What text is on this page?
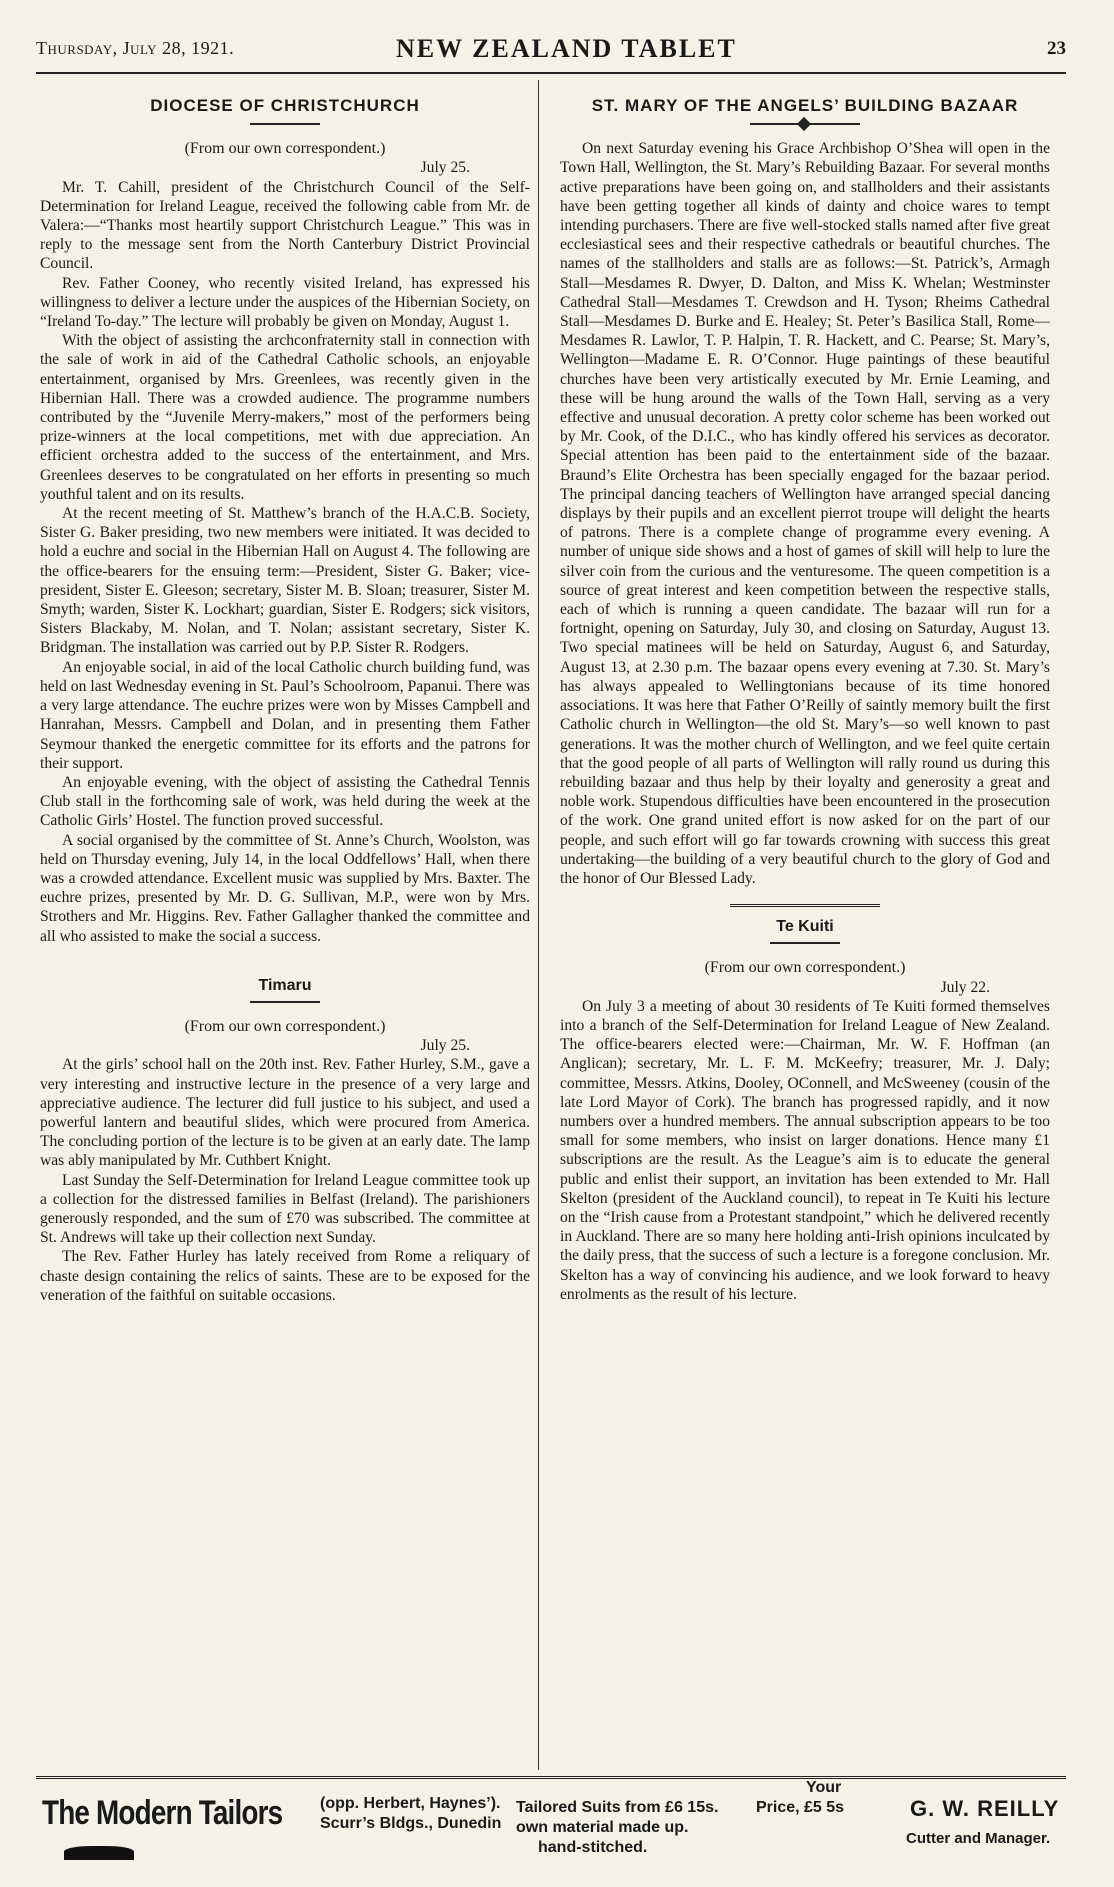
Thursday, July 28, 1921.	NEW ZEALAND TABLET	23
DIOCESE OF CHRISTCHURCH

(From our own correspondent.)

July 25.

Mr. T. Cahill, president of the Christchurch Council of the Self-Determination for Ireland League, received the following cable from Mr. de Valera:—“Thanks most heartily support Christchurch League.” This was in reply to the message sent from the North Canterbury District Provincial Council.

Rev. Father Cooney, who recently visited Ireland, has expressed his willingness to deliver a lecture under the auspices of the Hibernian Society, on “Ireland To-day.” The lecture will probably be given on Monday, August 1.

With the object of assisting the archconfraternity stall in connection with the sale of work in aid of the Cathedral Catholic schools, an enjoyable entertainment, organised by Mrs. Greenlees, was recently given in the Hibernian Hall. There was a crowded audience. The programme numbers contributed by the “Juvenile Merry-makers,” most of the performers being prize-winners at the local competitions, met with due appreciation. An efficient orchestra added to the success of the entertainment, and Mrs. Greenlees deserves to be congratulated on her efforts in presenting so much youthful talent and on its results.

At the recent meeting of St. Matthew’s branch of the H.A.C.B. Society, Sister G. Baker presiding, two new members were initiated. It was decided to hold a euchre and social in the Hibernian Hall on August 4. The following are the office-bearers for the ensuing term:—President, Sister G. Baker; vice-president, Sister E. Gleeson; secretary, Sister M. B. Sloan; treasurer, Sister M. Smyth; warden, Sister K. Lockhart; guardian, Sister E. Rodgers; sick visitors, Sisters Blackaby, M. Nolan, and T. Nolan; assistant secretary, Sister K. Bridgman. The installation was carried out by P.P. Sister R. Rodgers.

An enjoyable social, in aid of the local Catholic church building fund, was held on last Wednesday evening in St. Paul’s Schoolroom, Papanui. There was a very large attendance. The euchre prizes were won by Misses Campbell and Hanrahan, Messrs. Campbell and Dolan, and in presenting them Father Seymour thanked the energetic committee for its efforts and the patrons for their support.

An enjoyable evening, with the object of assisting the Cathedral Tennis Club stall in the forthcoming sale of work, was held during the week at the Catholic Girls’ Hostel. The function proved successful.

A social organised by the committee of St. Anne’s Church, Woolston, was held on Thursday evening, July 14, in the local Oddfellows’ Hall, when there was a crowded attendance. Excellent music was supplied by Mrs. Baxter. The euchre prizes, presented by Mr. D. G. Sullivan, M.P., were won by Mrs. Strothers and Mr. Higgins. Rev. Father Gallagher thanked the committee and all who assisted to make the social a success.

Timaru

(From our own correspondent.)

July 25.

At the girls’ school hall on the 20th inst. Rev. Father Hurley, S.M., gave a very interesting and instructive lecture in the presence of a very large and appreciative audience. The lecturer did full justice to his subject, and used a powerful lantern and beautiful slides, which were procured from America. The concluding portion of the lecture is to be given at an early date. The lamp was ably manipulated by Mr. Cuthbert Knight.

Last Sunday the Self-Determination for Ireland League committee took up a collection for the distressed families in Belfast (Ireland). The parishioners generously responded, and the sum of £70 was subscribed. The committee at St. Andrews will take up their collection next Sunday.

The Rev. Father Hurley has lately received from Rome a reliquary of chaste design containing the relics of saints. These are to be exposed for the veneration of the faithful on suitable occasions.

ST. MARY OF THE ANGELS’ BUILDING BAZAAR

On next Saturday evening his Grace Archbishop O’Shea will open in the Town Hall, Wellington, the St. Mary’s Rebuilding Bazaar. For several months active preparations have been going on, and stallholders and their assistants have been getting together all kinds of dainty and choice wares to tempt intending purchasers. There are five well-stocked stalls named after five great ecclesiastical sees and their respective cathedrals or beautiful churches. The names of the stallholders and stalls are as follows:—St. Patrick’s, Armagh Stall—Mesdames R. Dwyer, D. Dalton, and Miss K. Whelan; Westminster Cathedral Stall—Mesdames T. Crewdson and H. Tyson; Rheims Cathedral Stall—Mesdames D. Burke and E. Healey; St. Peter’s Basilica Stall, Rome—Mesdames R. Lawlor, T. P. Halpin, T. R. Hackett, and C. Pearse; St. Mary’s, Wellington—Madame E. R. O’Connor. Huge paintings of these beautiful churches have been very artistically executed by Mr. Ernie Leaming, and these will be hung around the walls of the Town Hall, serving as a very effective and unusual decoration. A pretty color scheme has been worked out by Mr. Cook, of the D.I.C., who has kindly offered his services as decorator. Special attention has been paid to the entertainment side of the bazaar. Braund’s Elite Orchestra has been specially engaged for the bazaar period. The principal dancing teachers of Wellington have arranged special dancing displays by their pupils and an excellent pierrot troupe will delight the hearts of patrons. There is a complete change of programme every evening. A number of unique side shows and a host of games of skill will help to lure the silver coin from the curious and the venturesome. The queen competition is a source of great interest and keen competition between the respective stalls, each of which is running a queen candidate. The bazaar will run for a fortnight, opening on Saturday, July 30, and closing on Saturday, August 13. Two special matinees will be held on Saturday, August 6, and Saturday, August 13, at 2.30 p.m. The bazaar opens every evening at 7.30. St. Mary’s has always appealed to Wellingtonians because of its time honored associations. It was here that Father O’Reilly of saintly memory built the first Catholic church in Wellington—the old St. Mary’s—so well known to past generations. It was the mother church of Wellington, and we feel quite certain that the good people of all parts of Wellington will rally round us during this rebuilding bazaar and thus help by their loyalty and generosity a great and noble work. Stupendous difficulties have been encountered in the prosecution of the work. One grand united effort is now asked for on the part of our people, and such effort will go far towards crowning with success this great undertaking—the building of a very beautiful church to the glory of God and the honor of Our Blessed Lady.

Te Kuiti

(From our own correspondent.)

July 22.

On July 3 a meeting of about 30 residents of Te Kuiti formed themselves into a branch of the Self-Determination for Ireland League of New Zealand. The office-bearers elected were:—Chairman, Mr. W. F. Hoffman (an Anglican); secretary, Mr. L. F. M. McKeefry; treasurer, Mr. J. Daly; committee, Messrs. Atkins, Dooley, OConnell, and McSweeney (cousin of the late Lord Mayor of Cork). The branch has progressed rapidly, and it now numbers over a hundred members. The annual subscription appears to be too small for some members, who insist on larger donations. Hence many £1 subscriptions are the result. As the League’s aim is to educate the general public and enlist their support, an invitation has been extended to Mr. Hall Skelton (president of the Auckland council), to repeat in Te Kuiti his lecture on the “Irish cause from a Protestant standpoint,” which he delivered recently in Auckland. There are so many here holding anti-Irish opinions inculcated by the daily press, that the success of such a lecture is a foregone conclusion. Mr. Skelton has a way of convincing his audience, and we look forward to heavy enrolments as the result of his lecture.

The Modern Tailors (opp. Herbert, Haynes’).
Scurr’s Bldgs., Dunedin
Tailored Suits from £6 15s.
own material made up.
hand-stitched.
Your
Price, £5 5s	G. W. REILLY
Cutter and Manager.
